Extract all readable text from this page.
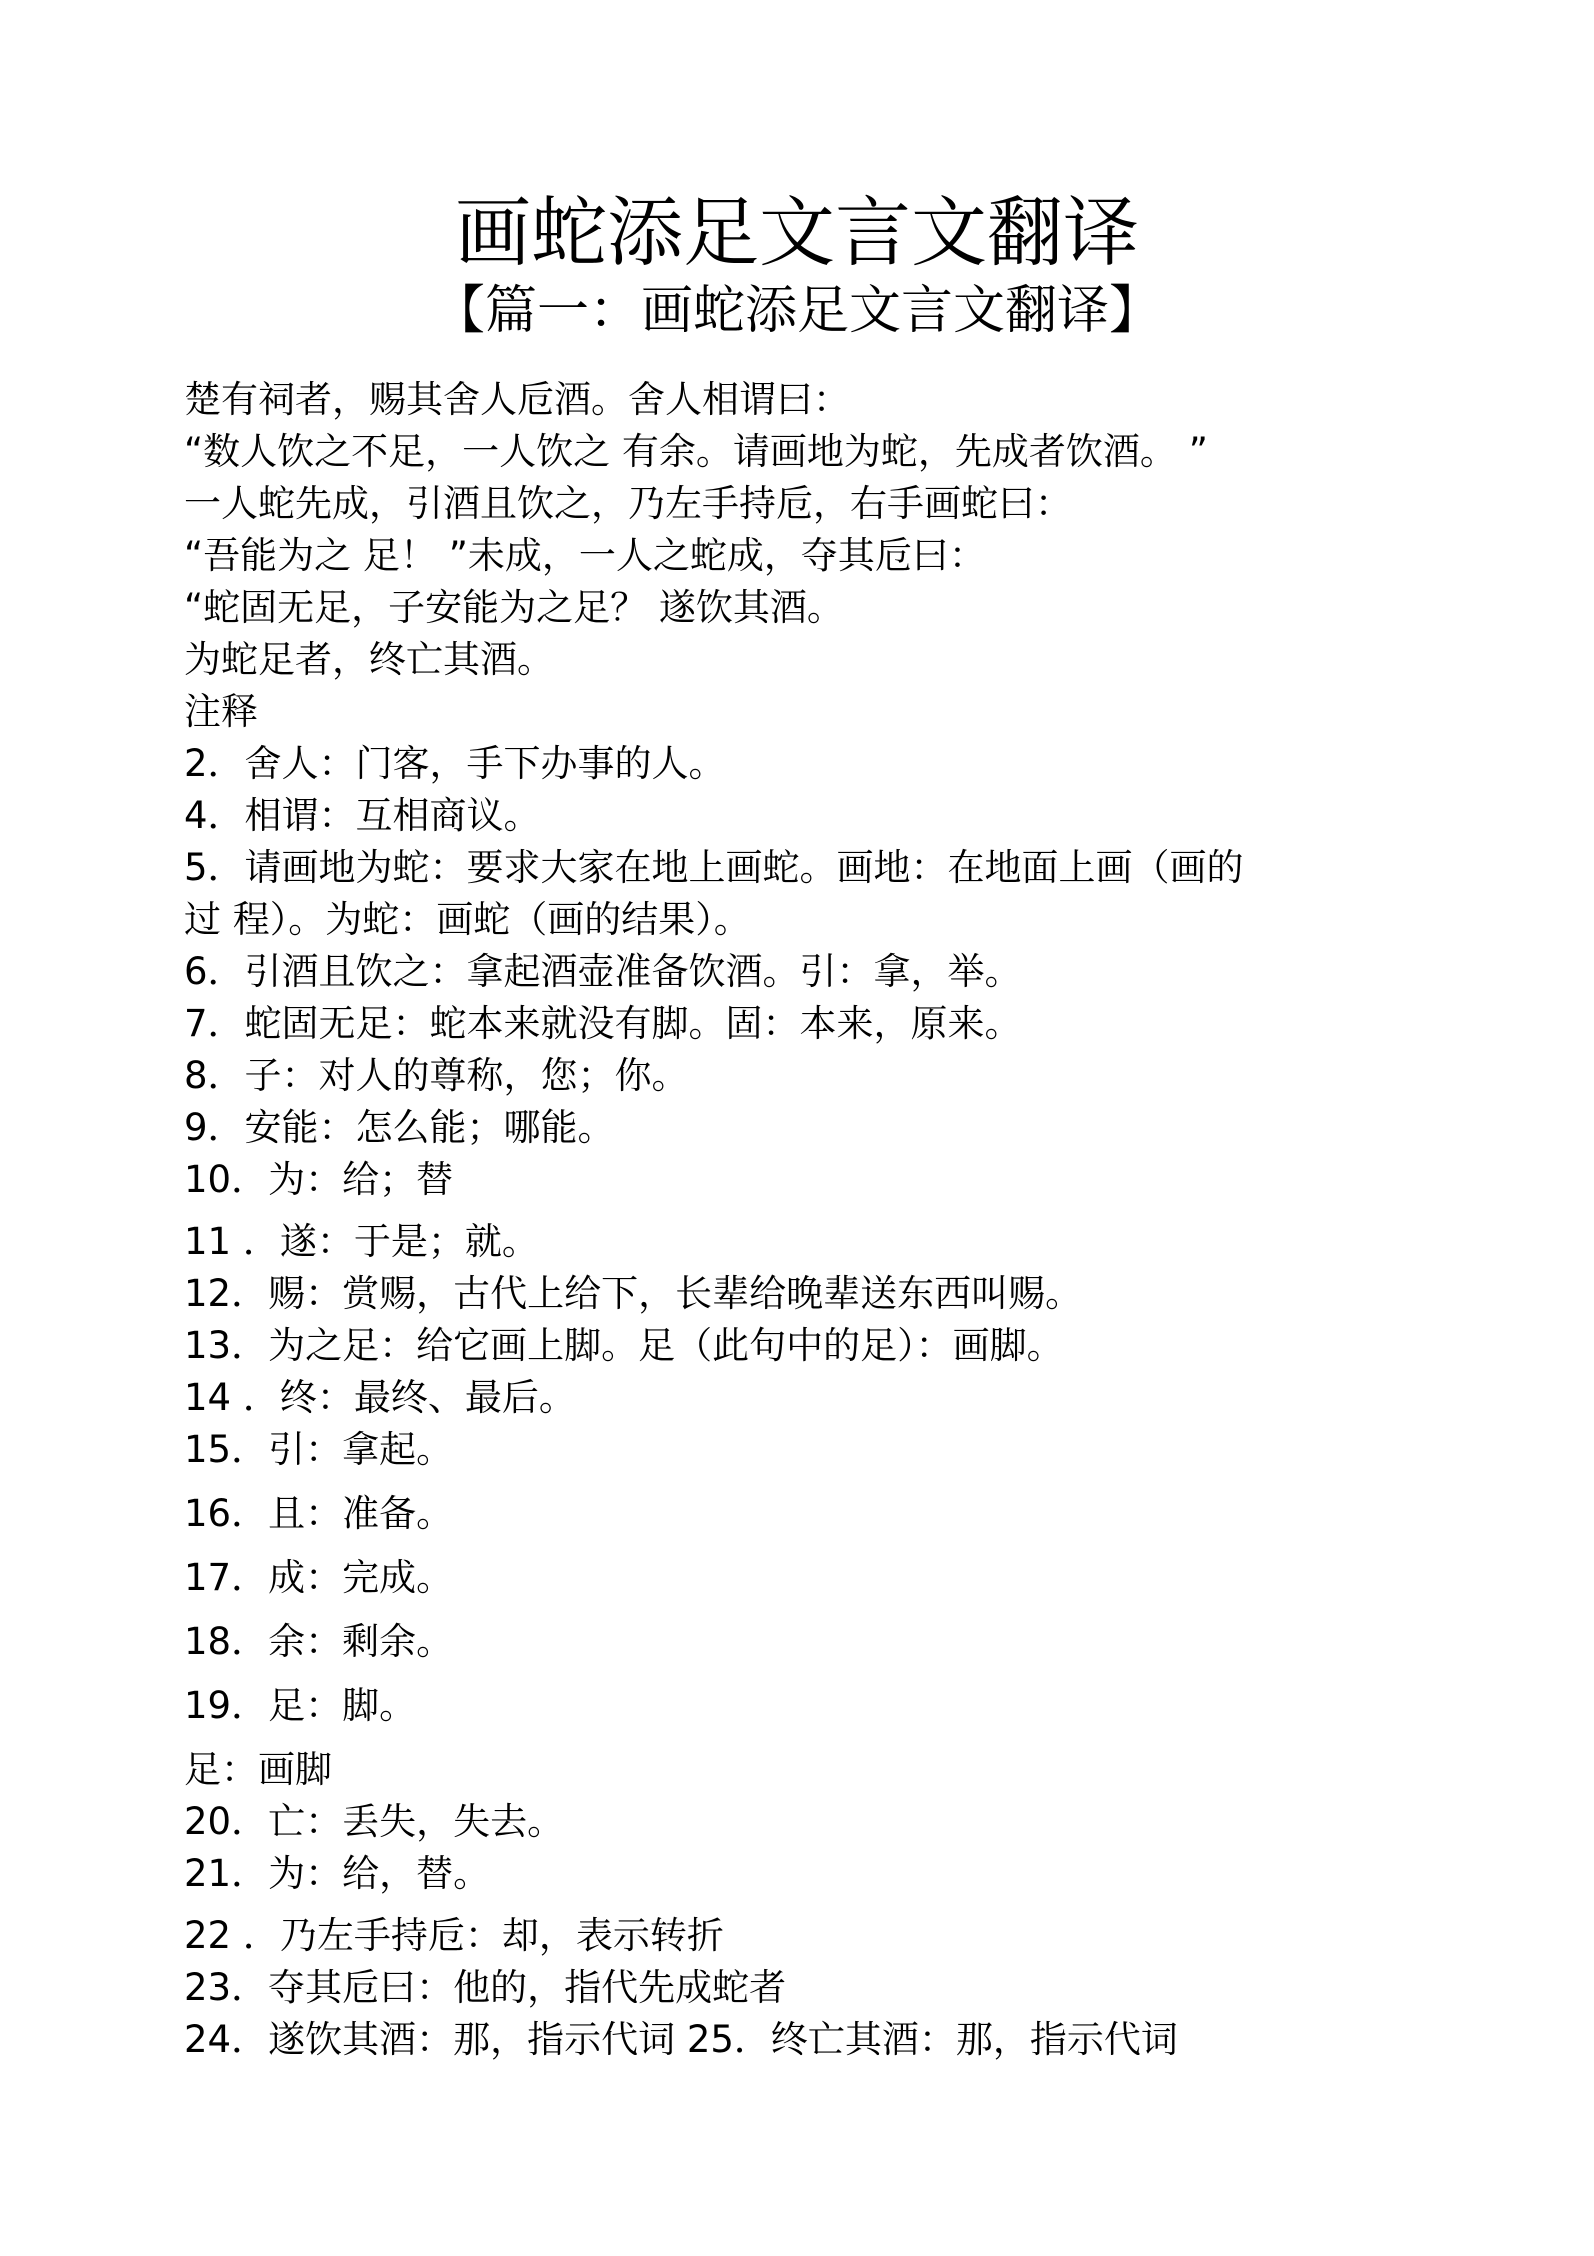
画蛇添足文言文翻译
【篇一：画蛇添足文言文翻译】
楚有祠者，赐其舍人卮酒。舍人相谓曰：
“数人饮之不足，一人饮之 有余。请画地为蛇，先成者饮酒。 ”
一人蛇先成，引酒且饮之，乃左手持卮，右手画蛇曰：
“吾能为之 足！ ”未成，一人之蛇成，夺其卮曰：
“蛇固无足，子安能为之足？ 遂饮其酒。
为蛇足者，终亡其酒。
注释
2．舍人：门客，手下办事的人。
4．相谓：互相商议。
5．请画地为蛇：要求大家在地上画蛇。画地：在地面上画（画的
过 程）。为蛇：画蛇（画的结果）。
6．引酒且饮之：拿起酒壶准备饮酒。引：拿，举。
7．蛇固无足：蛇本来就没有脚。固：本来，原来。
8．子：对人的尊称，您；你。
9．安能：怎么能；哪能。
10．为：给；替
11 ．遂：于是；就。
12．赐：赏赐，古代上给下，长辈给晚辈送东西叫赐。
13．为之足：给它画上脚。足（此句中的足）：画脚。
14 ．终：最终、最后。
15．引：拿起。
16．且：准备。
17．成：完成。
18．余：剩余。
19．足：脚。
足：画脚
20．亡：丢失，失去。
21．为：给，替。
22 ．乃左手持卮：却，表示转折
23．夺其卮曰：他的，指代先成蛇者
24．遂饮其酒：那，指示代词 25．终亡其酒：那，指示代词
